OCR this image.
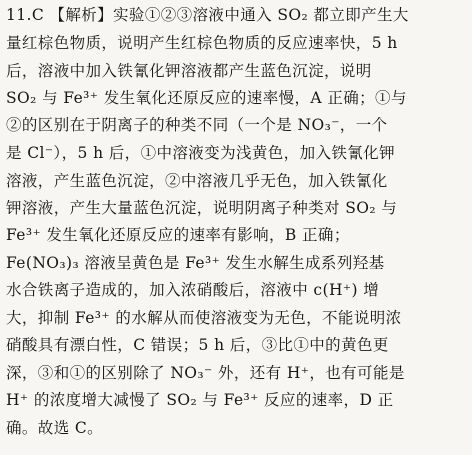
11.C 【解析】实验①②③溶液中通入 SO₂ 都立即产生大
量红棕色物质，说明产生红棕色物质的反应速率快，5 h
后，溶液中加入铁氰化钾溶液都产生蓝色沉淀，说明
SO₂ 与 Fe³⁺ 发生氧化还原反应的速率慢，A 正确；①与
②的区别在于阴离子的种类不同（一个是 NO₃⁻，一个
是 Cl⁻），5 h 后，①中溶液变为浅黄色，加入铁氰化钾
溶液，产生蓝色沉淀，②中溶液几乎无色，加入铁氰化
钾溶液，产生大量蓝色沉淀，说明阴离子种类对 SO₂ 与
Fe³⁺ 发生氧化还原反应的速率有影响，B 正确；
Fe(NO₃)₃ 溶液呈黄色是 Fe³⁺ 发生水解生成系列羟基
水合铁离子造成的，加入浓硝酸后，溶液中 c(H⁺) 增
大，抑制 Fe³⁺ 的水解从而使溶液变为无色，不能说明浓
硝酸具有漂白性，C 错误；5 h 后，③比①中的黄色更
深，③和①的区别除了 NO₃⁻ 外，还有 H⁺，也有可能是
H⁺ 的浓度增大减慢了 SO₂ 与 Fe³⁺ 反应的速率，D 正
确。故选 C。
